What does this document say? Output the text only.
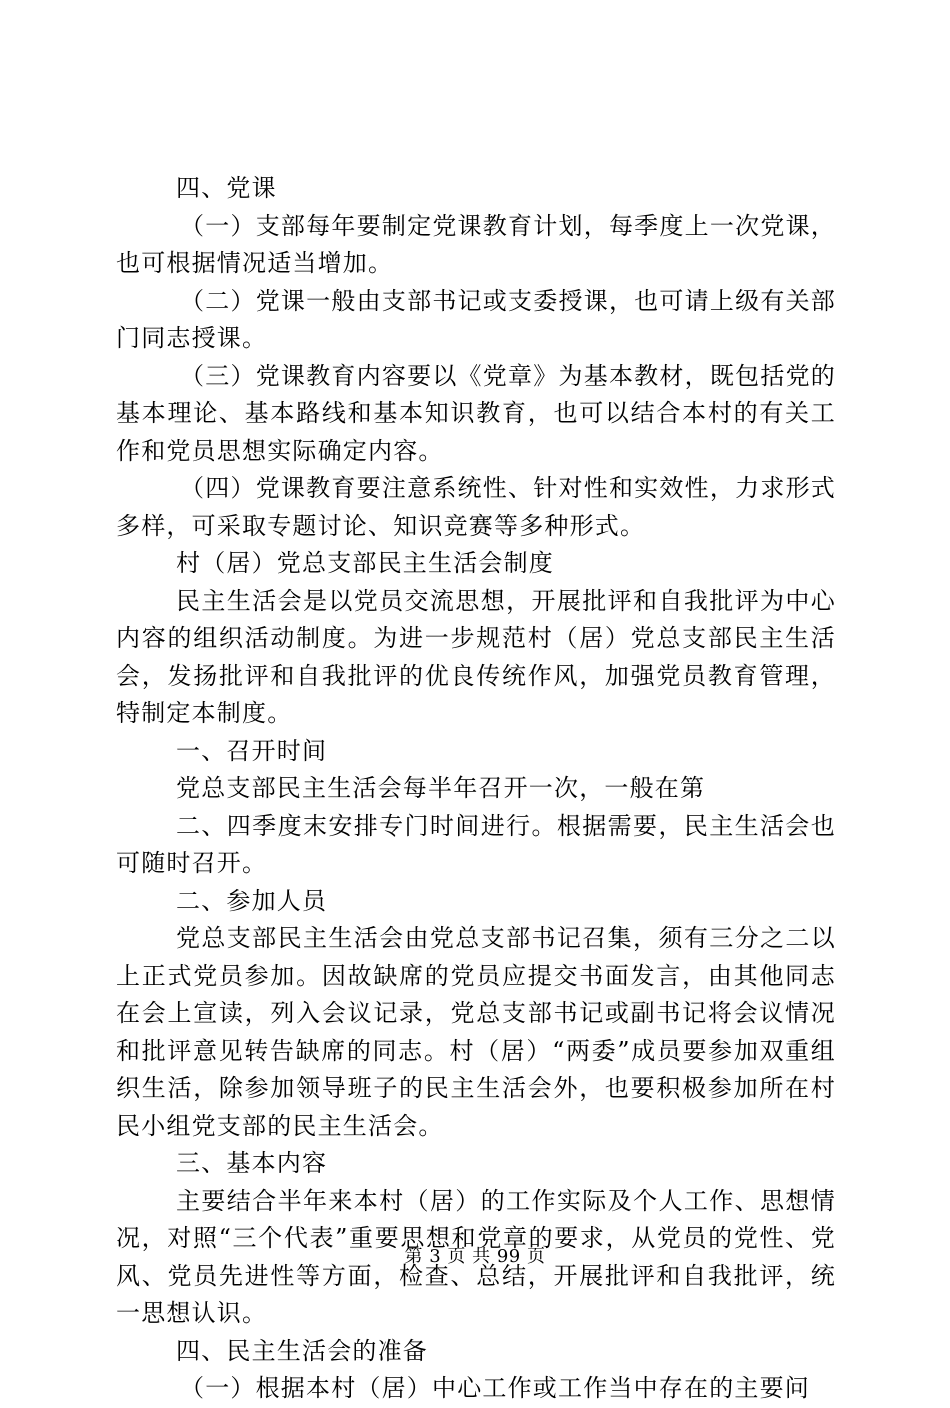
四、党课

（一）支部每年要制定党课教育计划，每季度上一次党课，也可根据情况适当增加。

（二）党课一般由支部书记或支委授课，也可请上级有关部门同志授课。

（三）党课教育内容要以《党章》为基本教材，既包括党的基本理论、基本路线和基本知识教育，也可以结合本村的有关工作和党员思想实际确定内容。

（四）党课教育要注意系统性、针对性和实效性，力求形式多样，可采取专题讨论、知识竞赛等多种形式。

村（居）党总支部民主生活会制度

民主生活会是以党员交流思想，开展批评和自我批评为中心内容的组织活动制度。为进一步规范村（居）党总支部民主生活会，发扬批评和自我批评的优良传统作风，加强党员教育管理，特制定本制度。

一、召开时间

党总支部民主生活会每半年召开一次，一般在第

二、四季度末安排专门时间进行。根据需要，民主生活会也可随时召开。

二、参加人员

党总支部民主生活会由党总支部书记召集，须有三分之二以上正式党员参加。因故缺席的党员应提交书面发言，由其他同志在会上宣读，列入会议记录，党总支部书记或副书记将会议情况和批评意见转告缺席的同志。村（居）“两委”成员要参加双重组织生活，除参加领导班子的民主生活会外，也要积极参加所在村民小组党支部的民主生活会。

三、基本内容

主要结合半年来本村（居）的工作实际及个人工作、思想情况，对照“三个代表”重要思想和党章的要求，从党员的党性、党风、党员先进性等方面，检查、总结，开展批评和自我批评，统一思想认识。

四、民主生活会的准备

（一）根据本村（居）中心工作或工作当中存在的主要问

第 3 页 共 99 页
